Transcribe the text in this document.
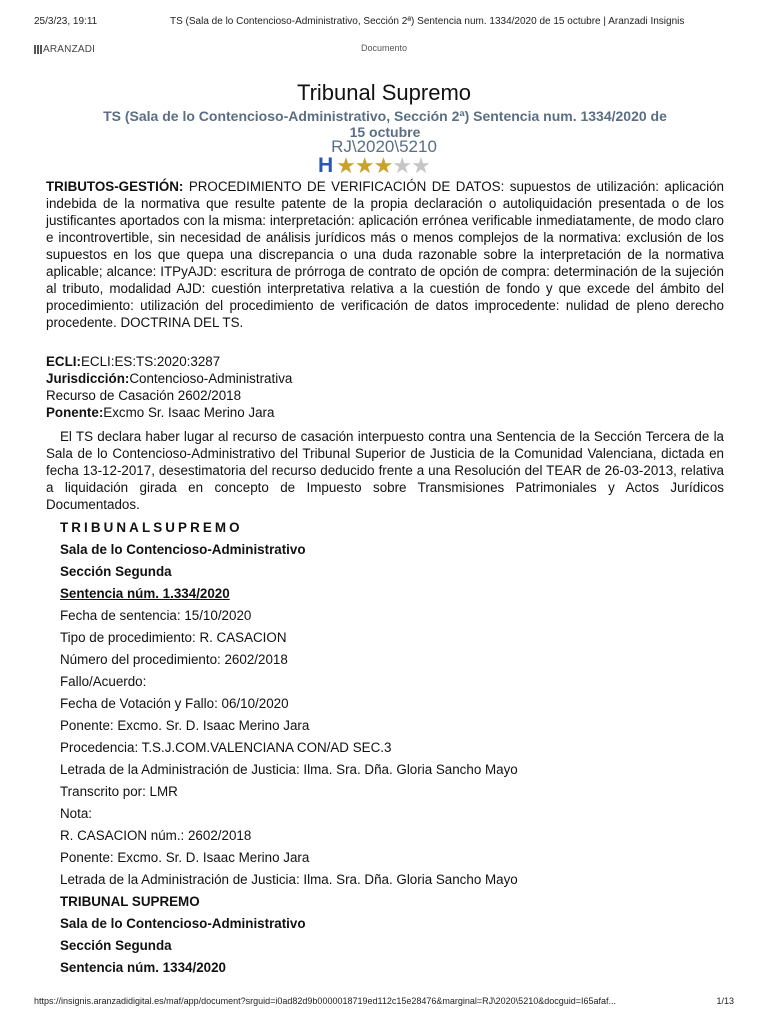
25/3/23, 19:11	TS (Sala de lo Contencioso-Administrativo, Sección 2ª) Sentencia num. 1334/2020 de 15 octubre | Aranzadi Insignis
ARANZADI	Documento
Tribunal Supremo
TS (Sala de lo Contencioso-Administrativo, Sección 2ª) Sentencia num. 1334/2020 de 15 octubre
RJ\2020\5210
H ★ ★ ★ ★ ★
TRIBUTOS-GESTIÓN: PROCEDIMIENTO DE VERIFICACIÓN DE DATOS: supuestos de utilización: aplicación indebida de la normativa que resulte patente de la propia declaración o autoliquidación presentada o de los justificantes aportados con la misma: interpretación: aplicación errónea verificable inmediatamente, de modo claro e incontrovertible, sin necesidad de análisis jurídicos más o menos complejos de la normativa: exclusión de los supuestos en los que quepa una discrepancia o una duda razonable sobre la interpretación de la normativa aplicable; alcance: ITPyAJD: escritura de prórroga de contrato de opción de compra: determinación de la sujeción al tributo, modalidad AJD: cuestión interpretativa relativa a la cuestión de fondo y que excede del ámbito del procedimiento: utilización del procedimiento de verificación de datos improcedente: nulidad de pleno derecho procedente. DOCTRINA DEL TS.
ECLI:ECLI:ES:TS:2020:3287
Jurisdicción:Contencioso-Administrativa
Recurso de Casación 2602/2018
Ponente:Excmo Sr. Isaac Merino Jara
El TS declara haber lugar al recurso de casación interpuesto contra una Sentencia de la Sección Tercera de la Sala de lo Contencioso-Administrativo del Tribunal Superior de Justicia de la Comunidad Valenciana, dictada en fecha 13-12-2017, desestimatoria del recurso deducido frente a una Resolución del TEAR de 26-03-2013, relativa a liquidación girada en concepto de Impuesto sobre Transmisiones Patrimoniales y Actos Jurídicos Documentados.
TRIBUNALSUPREMO
Sala de lo Contencioso-Administrativo
Sección Segunda
Sentencia núm. 1.334/2020
Fecha de sentencia: 15/10/2020
Tipo de procedimiento: R. CASACION
Número del procedimiento: 2602/2018
Fallo/Acuerdo:
Fecha de Votación y Fallo: 06/10/2020
Ponente: Excmo. Sr. D. Isaac Merino Jara
Procedencia: T.S.J.COM.VALENCIANA CON/AD SEC.3
Letrada de la Administración de Justicia: Ilma. Sra. Dña. Gloria Sancho Mayo
Transcrito por: LMR
Nota:
R. CASACION núm.: 2602/2018
Ponente: Excmo. Sr. D. Isaac Merino Jara
Letrada de la Administración de Justicia: Ilma. Sra. Dña. Gloria Sancho Mayo
TRIBUNAL SUPREMO
Sala de lo Contencioso-Administrativo
Sección Segunda
Sentencia núm. 1334/2020
https://insignis.aranzadidigital.es/maf/app/document?srguid=i0ad82d9b0000018719ed112c15e28476&marginal=RJ\2020\5210&docguid=I65afaf...	1/13
